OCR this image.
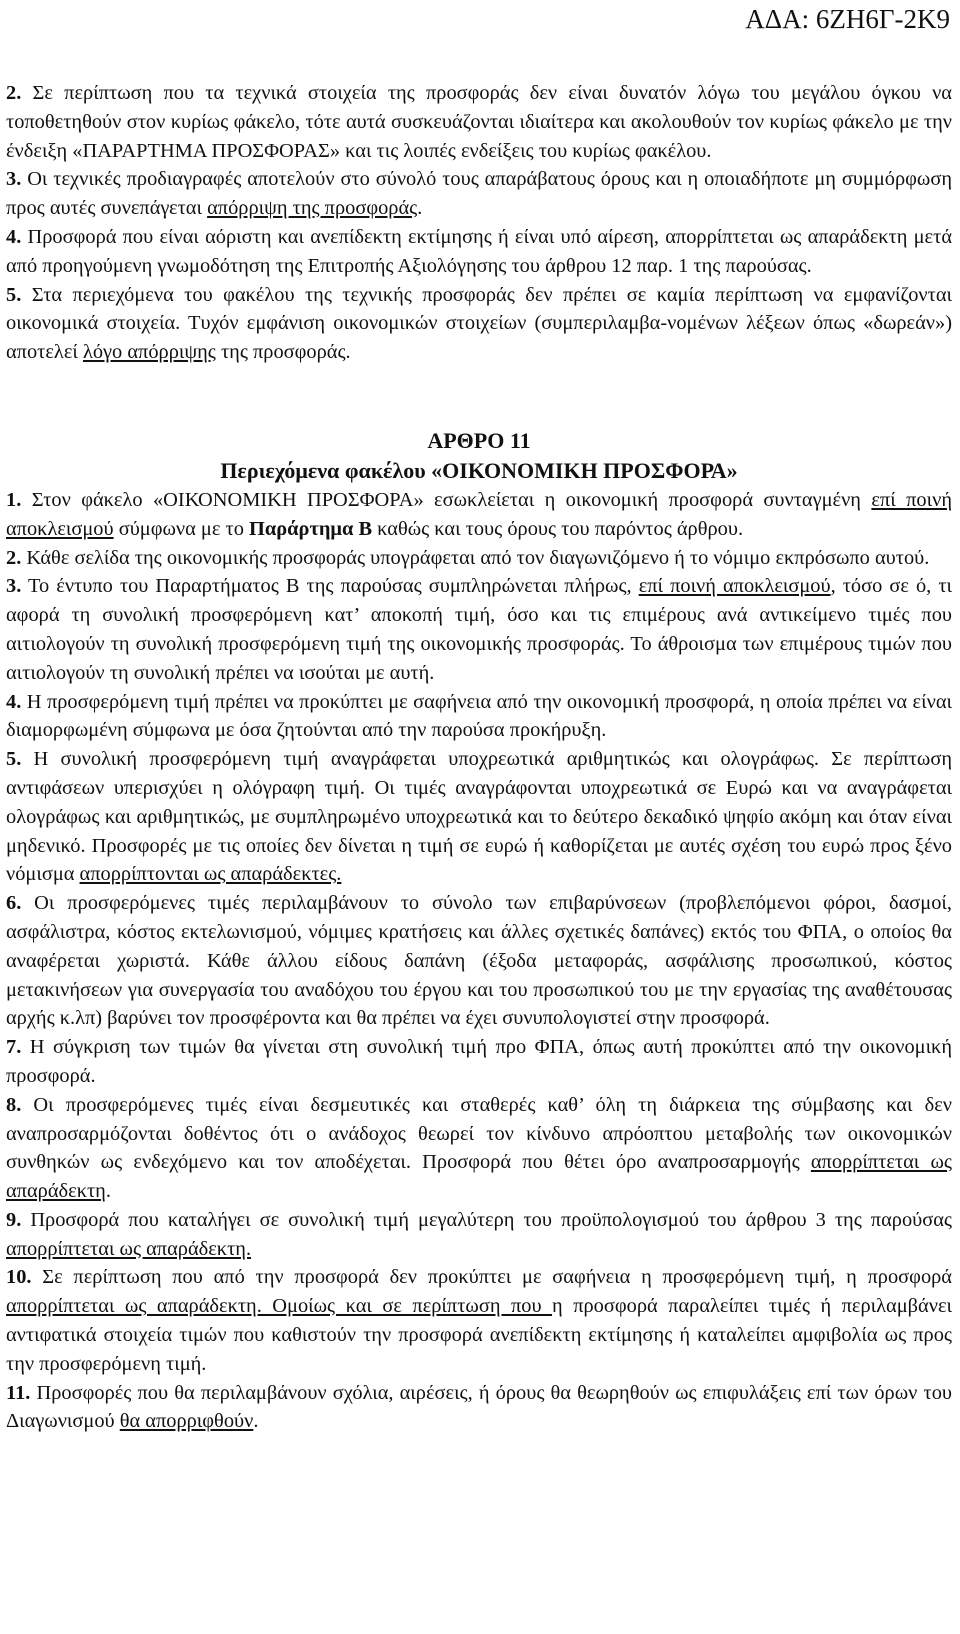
ΑΔΑ: 6ΖΗ6Γ-2Κ9

2. Σε περίπτωση που τα τεχνικά στοιχεία της προσφοράς δεν είναι δυνατόν λόγω του μεγάλου όγκου να τοποθετηθούν στον κυρίως φάκελο, τότε αυτά συσκευάζονται ιδιαίτερα και ακολουθούν τον κυρίως φάκελο με την ένδειξη «ΠΑΡΑΡΤΗΜΑ ΠΡΟΣΦΟΡΑΣ» και τις λοιπές ενδείξεις του κυρίως φακέλου.

3. Οι τεχνικές προδιαγραφές αποτελούν στο σύνολό τους απαράβατους όρους και η οποιαδήποτε μη συμμόρφωση προς αυτές συνεπάγεται απόρριψη της προσφοράς.

4. Προσφορά που είναι αόριστη και ανεπίδεκτη εκτίμησης ή είναι υπό αίρεση, απορρίπτεται ως απαράδεκτη μετά από προηγούμενη γνωμοδότηση της Επιτροπής Αξιολόγησης του άρθρου 12 παρ. 1 της παρούσας.

5. Στα περιεχόμενα του φακέλου της τεχνικής προσφοράς δεν πρέπει σε καμία περίπτωση να εμφανίζονται οικονομικά στοιχεία. Τυχόν εμφάνιση οικονομικών στοιχείων (συμπεριλαμβα-νομένων λέξεων όπως «δωρεάν») αποτελεί λόγο απόρριψης της προσφοράς.

ΑΡΘΡΟ 11

Περιεχόμενα φακέλου «ΟΙΚΟΝΟΜΙΚΗ ΠΡΟΣΦΟΡΑ»

1. Στον φάκελο «ΟΙΚΟΝΟΜΙΚΗ ΠΡΟΣΦΟΡΑ» εσωκλείεται η οικονομική προσφορά συνταγμένη επί ποινή αποκλεισμού σύμφωνα με το Παράρτημα Β καθώς και τους όρους του παρόντος άρθρου.

2. Κάθε σελίδα της οικονομικής προσφοράς υπογράφεται από τον διαγωνιζόμενο ή το νόμιμο εκπρόσωπο αυτού.

3. Το έντυπο του Παραρτήματος Β της παρούσας συμπληρώνεται πλήρως, επί ποινή αποκλεισμού, τόσο σε ό, τι αφορά τη συνολική προσφερόμενη κατ’ αποκοπή τιμή, όσο και τις επιμέρους ανά αντικείμενο τιμές που αιτιολογούν τη συνολική προσφερόμενη τιμή της οικονομικής προσφοράς. Το άθροισμα των επιμέρους τιμών που αιτιολογούν τη συνολική πρέπει να ισούται με αυτή.

4. Η προσφερόμενη τιμή πρέπει να προκύπτει με σαφήνεια από την οικονομική προσφορά, η οποία πρέπει να είναι διαμορφωμένη σύμφωνα με όσα ζητούνται από την παρούσα προκήρυξη.

5. Η συνολική προσφερόμενη τιμή αναγράφεται υποχρεωτικά αριθμητικώς και ολογράφως. Σε περίπτωση αντιφάσεων υπερισχύει η ολόγραφη τιμή. Οι τιμές αναγράφονται υποχρεωτικά σε Ευρώ και να αναγράφεται ολογράφως και αριθμητικώς, με συμπληρωμένο υποχρεωτικά και το δεύτερο δεκαδικό ψηφίο ακόμη και όταν είναι μηδενικό. Προσφορές με τις οποίες δεν δίνεται η τιμή σε ευρώ ή καθορίζεται με αυτές σχέση του ευρώ προς ξένο νόμισμα απορρίπτονται ως απαράδεκτες.

6. Οι προσφερόμενες τιμές περιλαμβάνουν το σύνολο των επιβαρύνσεων (προβλεπόμενοι φόροι, δασμοί, ασφάλιστρα, κόστος εκτελωνισμού, νόμιμες κρατήσεις και άλλες σχετικές δαπάνες) εκτός του ΦΠΑ, ο οποίος θα αναφέρεται χωριστά. Κάθε άλλου είδους δαπάνη (έξοδα μεταφοράς, ασφάλισης προσωπικού, κόστος μετακινήσεων για συνεργασία του αναδόχου του έργου και του προσωπικού του με την εργασίας της αναθέτουσας αρχής κ.λπ) βαρύνει τον προσφέροντα και θα πρέπει να έχει συνυπολογιστεί στην προσφορά.

7. Η σύγκριση των τιμών θα γίνεται στη συνολική τιμή προ ΦΠΑ, όπως αυτή προκύπτει από την οικονομική προσφορά.

8. Οι προσφερόμενες τιμές είναι δεσμευτικές και σταθερές καθ’ όλη τη διάρκεια της σύμβασης και δεν αναπροσαρμόζονται δοθέντος ότι ο ανάδοχος θεωρεί τον κίνδυνο απρόοπτου μεταβολής των οικονομικών συνθηκών ως ενδεχόμενο και τον αποδέχεται. Προσφορά που θέτει όρο αναπροσαρμογής απορρίπτεται ως απαράδεκτη.

9. Προσφορά που καταλήγει σε συνολική τιμή μεγαλύτερη του προϋπολογισμού του άρθρου 3 της παρούσας απορρίπτεται ως απαράδεκτη.

10. Σε περίπτωση που από την προσφορά δεν προκύπτει με σαφήνεια η προσφερόμενη τιμή, η προσφορά απορρίπτεται ως απαράδεκτη. Ομοίως και σε περίπτωση που η προσφορά παραλείπει τιμές ή περιλαμβάνει αντιφατικά στοιχεία τιμών που καθιστούν την προσφορά ανεπίδεκτη εκτίμησης ή καταλείπει αμφιβολία ως προς την προσφερόμενη τιμή.

11. Προσφορές που θα περιλαμβάνουν σχόλια, αιρέσεις, ή όρους θα θεωρηθούν ως επιφυλάξεις επί των όρων του Διαγωνισμού θα απορριφθούν.
